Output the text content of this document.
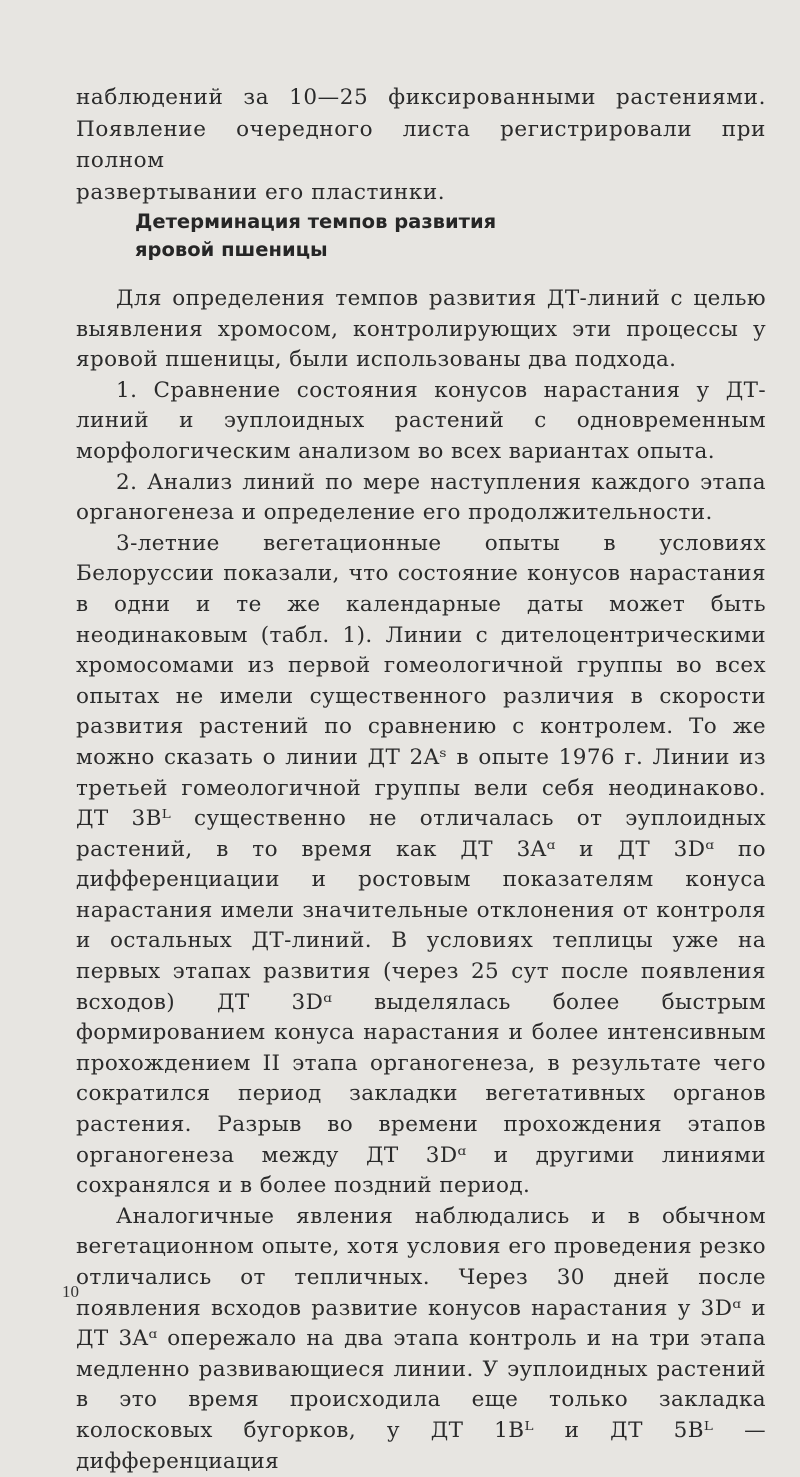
наблюдений за 10—25 фиксированными растениями.

Появление очередного листа регистрировали при полном

развертывании его пластинки.

Детерминация темпов развития

яровой пшеницы

Для определения темпов развития ДТ-линий с целью выявления хромосом, контролирующих эти процессы у яровой пшеницы, были использованы два подхода.

1. Сравнение состояния конусов нарастания у ДТ-линий и эуплоидных растений с одновременным морфологическим анализом во всех вариантах опыта.

2. Анализ линий по мере наступления каждого этапа органогенеза и определение его продолжительности.

3-летние вегетационные опыты в условиях Белоруссии показали, что состояние конусов нарастания в одни и те же календарные даты может быть неодинаковым (табл. 1). Линии с дителоцентрическими хромосомами из первой гомеологичной группы во всех опытах не имели существенного различия в скорости развития растений по сравнению с контролем. То же можно сказать о линии ДТ 2Aˢ в опыте 1976 г. Линии из третьей гомеологичной группы вели себя неодинаково. ДТ 3Bᴸ существенно не отличалась от эуплоидных растений, в то время как ДТ 3Aᵅ и ДТ 3Dᵅ по дифференциации и ростовым показателям конуса нарастания имели значительные отклонения от контроля и остальных ДТ-линий. В условиях теплицы уже на первых этапах развития (через 25 сут после появления всходов) ДТ 3Dᵅ выделялась более быстрым формированием конуса нарастания и более интенсивным прохождением II этапа органогенеза, в результате чего сократился период закладки вегетативных органов растения. Разрыв во времени прохождения этапов органогенеза между ДТ 3Dᵅ и другими линиями сохранялся и в более поздний период.

Аналогичные явления наблюдались и в обычном вегетационном опыте, хотя условия его проведения резко отличались от тепличных. Через 30 дней после появления всходов развитие конусов нарастания у 3Dᵅ и ДТ 3Aᵅ опережало на два этапа контроль и на три этапа медленно развивающиеся линии. У эуплоидных растений в это время происходила еще только закладка колосковых бугорков, у ДТ 1Bᴸ и ДТ 5Bᴸ — дифференциация

10
